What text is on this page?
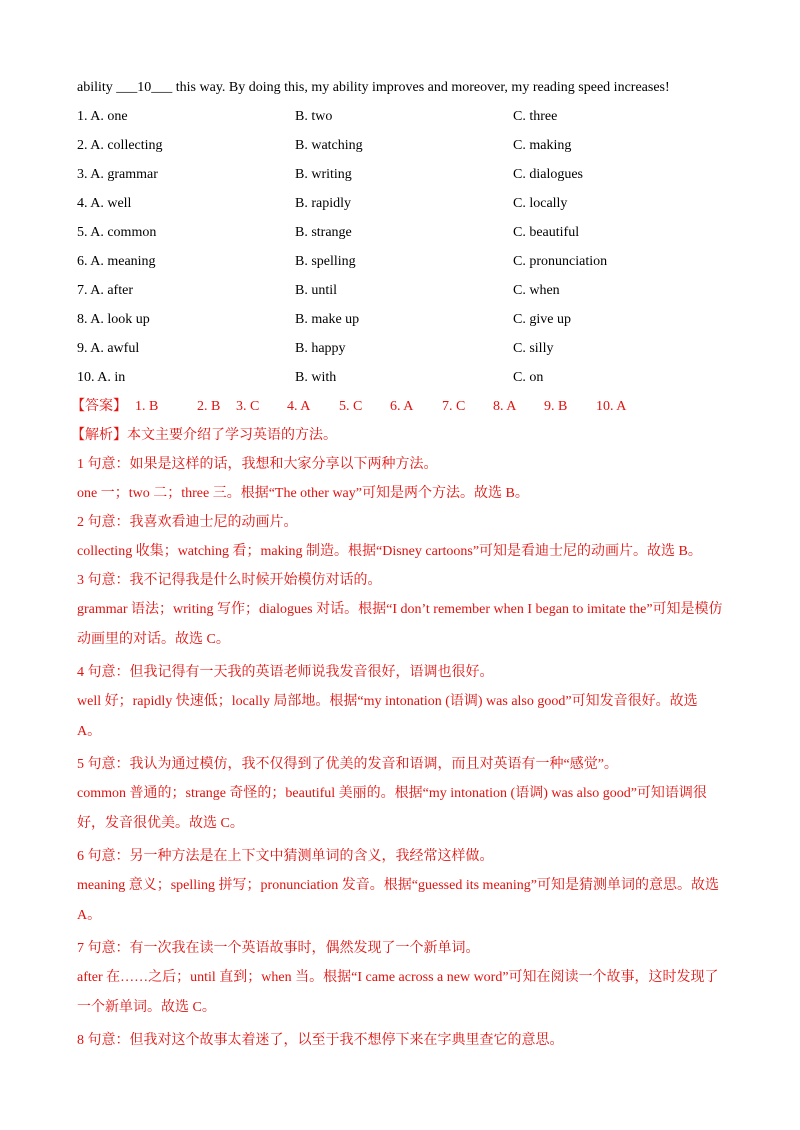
ability ___10___ this way. By doing this, my ability improves and moreover, my reading speed increases!
1. A. one	B. two	C. three
2. A. collecting	B. watching	C. making
3. A. grammar	B. writing	C. dialogues
4. A. well	B. rapidly	C. locally
5. A. common	B. strange	C. beautiful
6. A. meaning	B. spelling	C. pronunciation
7. A. after	B. until	C. when
8. A. look up	B. make up	C. give up
9. A. awful	B. happy	C. silly
10. A. in	B. with	C. on
【答案】 1. B	2. B 3. C 4. A 5. C 6. A 7. C 8. A 9. B 10. A
【解析】本文主要介绍了学习英语的方法。
1 句意：如果是这样的话，我想和大家分享以下两种方法。
one 一；two 二；three 三。根据“The other way”可知是两个方法。故选 B。
2 句意：我喜欢看迪士尼的动画片。
collecting 收集；watching 看；making 制造。根据“Disney cartoons”可知是看迪士尼的动画片。故选 B。
3 句意：我不记得我是什么时候开始模仿对话的。
grammar 语法；writing 写作；dialogues 对话。根据“I don’t remember when I began to imitate the”可知是模仿动画里的对话。故选 C。
4 句意：但我记得有一天我的英语老师说我发音很好，语调也很好。
well 好；rapidly 快速低；locally 局部地。根据“my intonation (语调) was also good”可知发音很好。故选 A。
5 句意：我认为通过模仿，我不仅得到了优美的发音和语调，而且对英语有一种“感觉”。
common 普通的；strange 奇怪的；beautiful 美丽的。根据“my intonation (语调) was also good”可知语调很好，发音很优美。故选 C。
6 句意：另一种方法是在上下文中猜测单词的含义，我经常这样做。
meaning 意义；spelling 拼写；pronunciation 发音。根据“guessed its meaning”可知是猜测单词的意思。故选 A。
7 句意：有一次我在读一个英语故事时，偶然发现了一个新单词。
after 在……之后；until 直到；when 当。根据“I came across a new word”可知在阅读一个故事，这时发现了一个新单词。故选 C。
8 句意：但我对这个故事太着迷了，以至于我不想停下来在字典里查它的意思。
